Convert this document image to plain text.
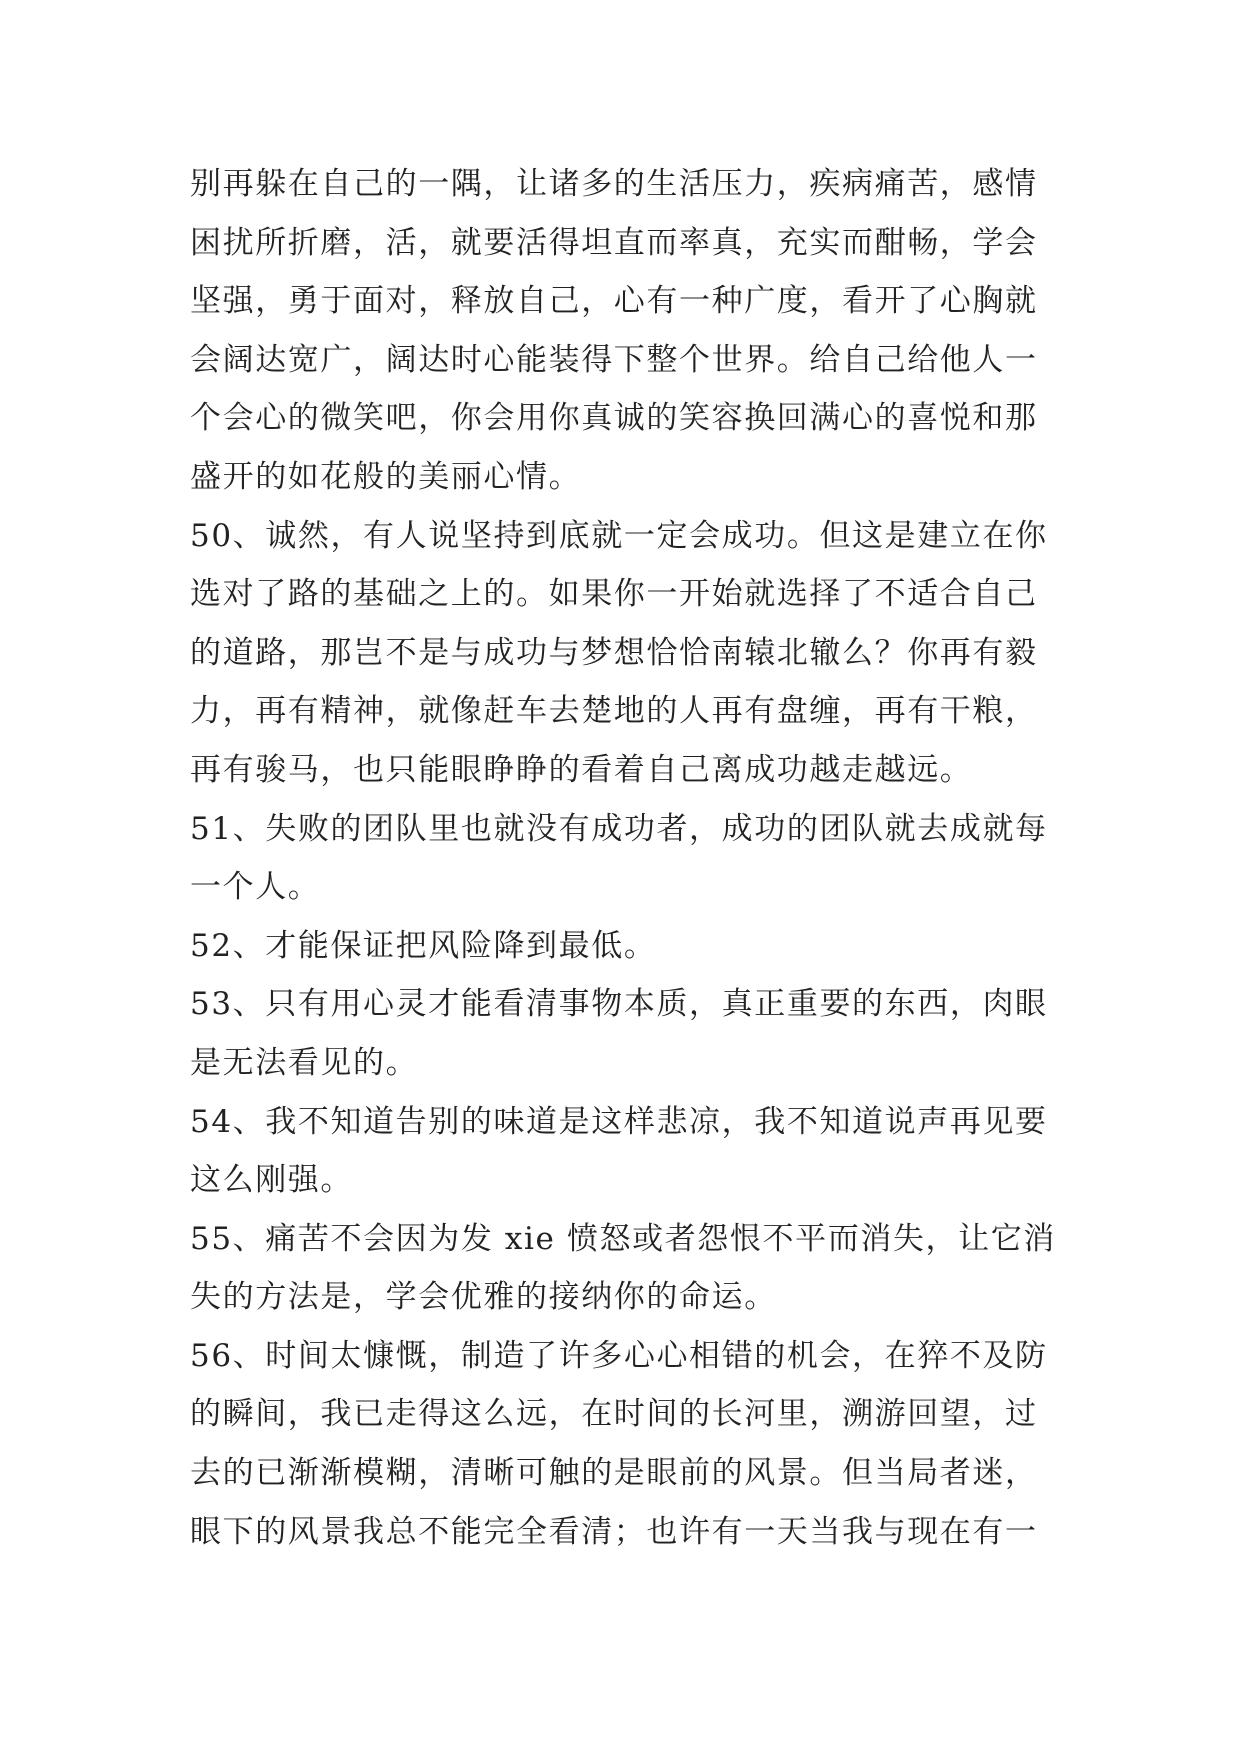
别再躲在自己的一隅，让诸多的生活压力，疾病痛苦，感情
困扰所折磨，活，就要活得坦直而率真，充实而酣畅，学会
坚强，勇于面对，释放自己，心有一种广度，看开了心胸就
会阔达宽广，阔达时心能装得下整个世界。给自己给他人一
个会心的微笑吧，你会用你真诚的笑容换回满心的喜悦和那
盛开的如花般的美丽心情。
50、诚然，有人说坚持到底就一定会成功。但这是建立在你
选对了路的基础之上的。如果你一开始就选择了不适合自己
的道路，那岂不是与成功与梦想恰恰南辕北辙么？你再有毅
力，再有精神，就像赶车去楚地的人再有盘缠，再有干粮，
再有骏马，也只能眼睁睁的看着自己离成功越走越远。
51、失败的团队里也就没有成功者，成功的团队就去成就每
一个人。
52、才能保证把风险降到最低。
53、只有用心灵才能看清事物本质，真正重要的东西，肉眼
是无法看见的。
54、我不知道告别的味道是这样悲凉，我不知道说声再见要
这么刚强。
55、痛苦不会因为发 xie 愤怒或者怨恨不平而消失，让它消
失的方法是，学会优雅的接纳你的命运。
56、时间太慷慨，制造了许多心心相错的机会，在猝不及防
的瞬间，我已走得这么远，在时间的长河里，溯游回望，过
去的已渐渐模糊，清晰可触的是眼前的风景。但当局者迷，
眼下的风景我总不能完全看清；也许有一天当我与现在有一
